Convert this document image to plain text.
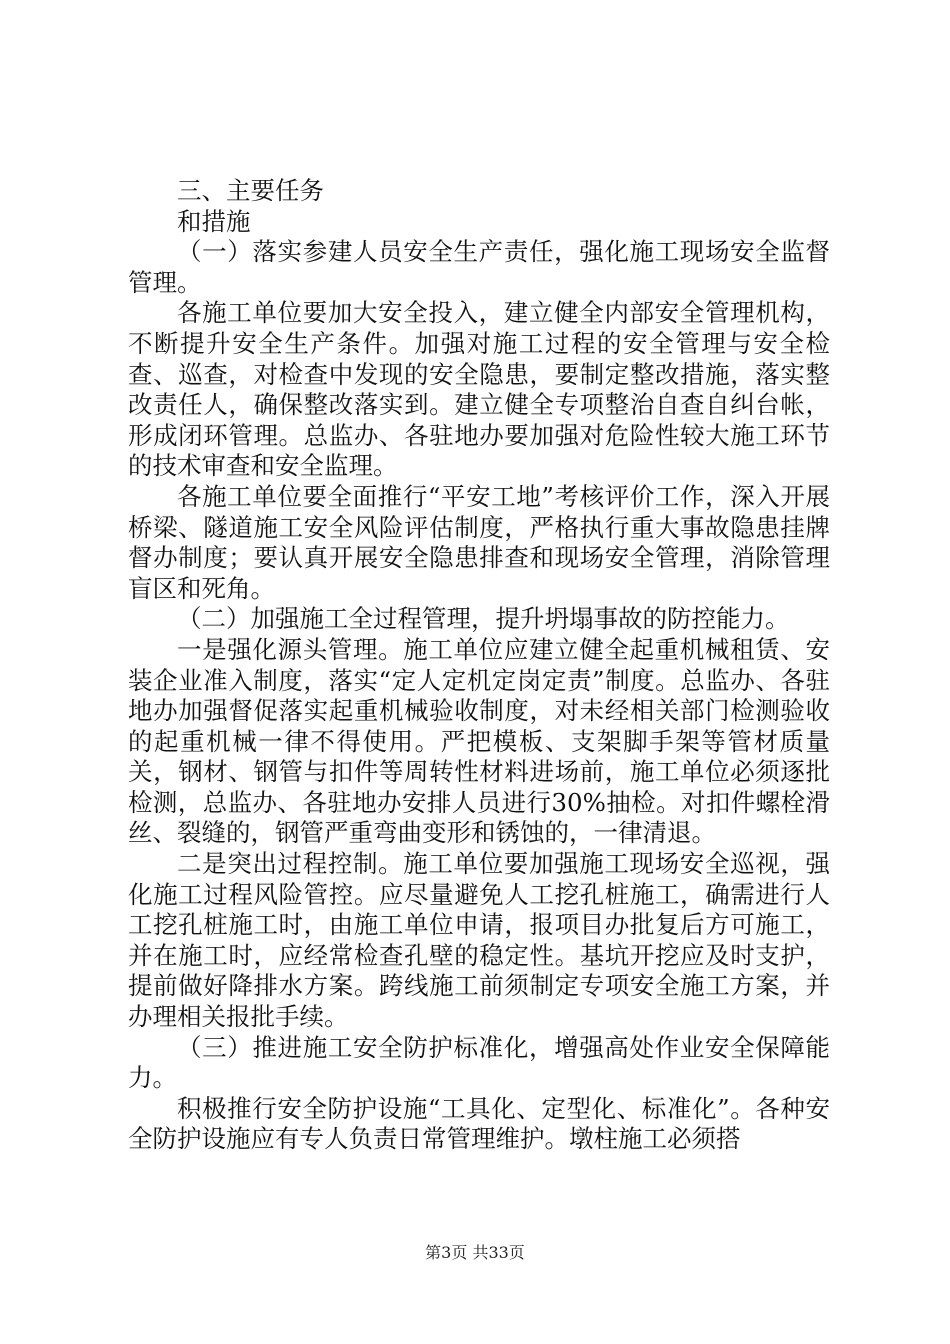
三、主要任务

和措施

（一）落实参建人员安全生产责任，强化施工现场安全监督管理。

各施工单位要加大安全投入，建立健全内部安全管理机构，不断提升安全生产条件。加强对施工过程的安全管理与安全检查、巡查，对检查中发现的安全隐患，要制定整改措施，落实整改责任人，确保整改落实到。建立健全专项整治自查自纠台帐，形成闭环管理。总监办、各驻地办要加强对危险性较大施工环节的技术审查和安全监理。

各施工单位要全面推行“平安工地”考核评价工作，深入开展桥梁、隧道施工安全风险评估制度，严格执行重大事故隐患挂牌督办制度；要认真开展安全隐患排查和现场安全管理，消除管理盲区和死角。

（二）加强施工全过程管理，提升坍塌事故的防控能力。

一是强化源头管理。施工单位应建立健全起重机械租赁、安装企业准入制度，落实“定人定机定岗定责”制度。总监办、各驻地办加强督促落实起重机械验收制度，对未经相关部门检测验收的起重机械一律不得使用。严把模板、支架脚手架等管材质量关，钢材、钢管与扣件等周转性材料进场前，施工单位必须逐批检测，总监办、各驻地办安排人员进行30%抽检。对扣件螺栓滑丝、裂缝的，钢管严重弯曲变形和锈蚀的，一律清退。

二是突出过程控制。施工单位要加强施工现场安全巡视，强化施工过程风险管控。应尽量避免人工挖孔桩施工，确需进行人工挖孔桩施工时，由施工单位申请，报项目办批复后方可施工，并在施工时，应经常检查孔壁的稳定性。基坑开挖应及时支护，提前做好降排水方案。跨线施工前须制定专项安全施工方案，并办理相关报批手续。

（三）推进施工安全防护标准化，增强高处作业安全保障能力。

积极推行安全防护设施“工具化、定型化、标准化”。各种安全防护设施应有专人负责日常管理维护。墩柱施工必须搭

第3页 共33页
